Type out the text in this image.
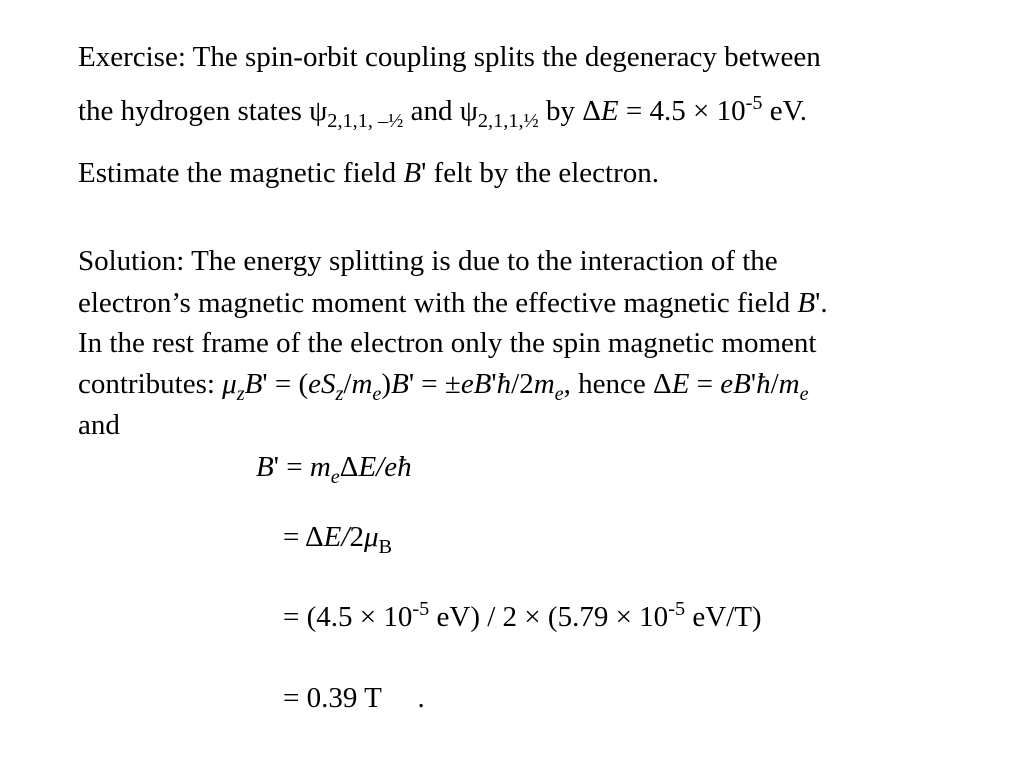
Exercise: The spin-orbit coupling splits the degeneracy between
the hydrogen states $\psi_{2,1,1, -\frac{1}{2}}$ and $\psi_{2,1,1,\frac{1}{2}}$ by $\Delta E = 4.5 \times 10^{-5}$ eV.
Estimate the magnetic field B' felt by the electron.
Solution: The energy splitting is due to the interaction of the
electron’s magnetic moment with the effective magnetic field B'.
In the rest frame of the electron only the spin magnetic moment
contributes: $\mu_zB' = (eS_z/m_e)B'$ = $\pm eB'ħ/2m_e$, hence $\Delta E = eB'ħ/m_e$
and
$B' = m_e\Delta E/eħ$
= $\Delta E/2\mu_B$
= ($4.5 \times 10^{-5}$ $eV) / 2 \times (5.79 \times 10^{-5}$ eV/T)
= 0.39 T     .
